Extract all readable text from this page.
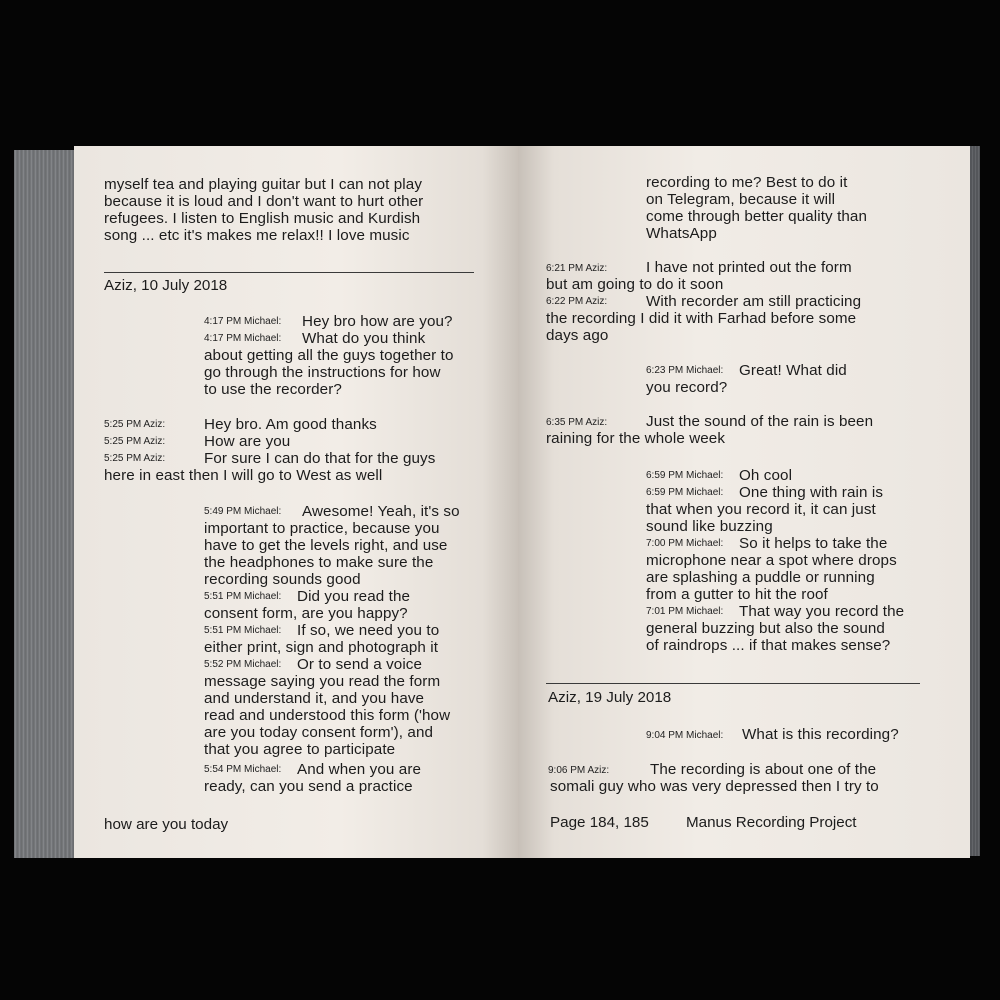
myself tea and playing guitar but I can not play
because it is loud and I don't want to hurt other
refugees. I listen to English music and Kurdish
song ... etc it's makes me relax!! I love music
Aziz, 10 July 2018
4:17 PM Michael: Hey bro how are you?
4:17 PM Michael: What do you think
about getting all the guys together to
go through the instructions for how
to use the recorder?
5:25 PM Aziz:	Hey bro. Am good thanks
5:25 PM Aziz:	How are you
5:25 PM Aziz:	For sure I can do that for the guys
here in east then I will go to West as well
5:49 PM Michael: Awesome! Yeah, it's so
important to practice, because you
have to get the levels right, and use
the headphones to make sure the
recording sounds good
5:51 PM Michael: Did you read the
consent form, are you happy?
5:51 PM Michael: If so, we need you to
either print, sign and photograph it
5:52 PM Michael: Or to send a voice
message saying you read the form
and understand it, and you have
read and understood this form ('how
are you today consent form'), and
that you agree to participate
5:54 PM Michael: And when you are
ready, can you send a practice
how are you today
recording to me? Best to do it
on Telegram, because it will
come through better quality than
WhatsApp
6:21 PM Aziz:	I have not printed out the form
but am going to do it soon
6:22 PM Aziz:	With recorder am still practicing
the recording I did it with Farhad before some
days ago
6:23 PM Michael: Great! What did
you record?
6:35 PM Aziz:	Just the sound of the rain is been
raining for the whole week
6:59 PM Michael: Oh cool
6:59 PM Michael: One thing with rain is
that when you record it, it can just
sound like buzzing
7:00 PM Michael: So it helps to take the
microphone near a spot where drops
are splashing a puddle or running
from a gutter to hit the roof
7:01 PM Michael: That way you record the
general buzzing but also the sound
of raindrops ... if that makes sense?
Aziz, 19 July 2018
9:04 PM Michael: What is this recording?
9:06 PM Aziz:	The recording is about one of the
somali guy who was very depressed then I try to
Page 184, 185 Manus Recording Project
